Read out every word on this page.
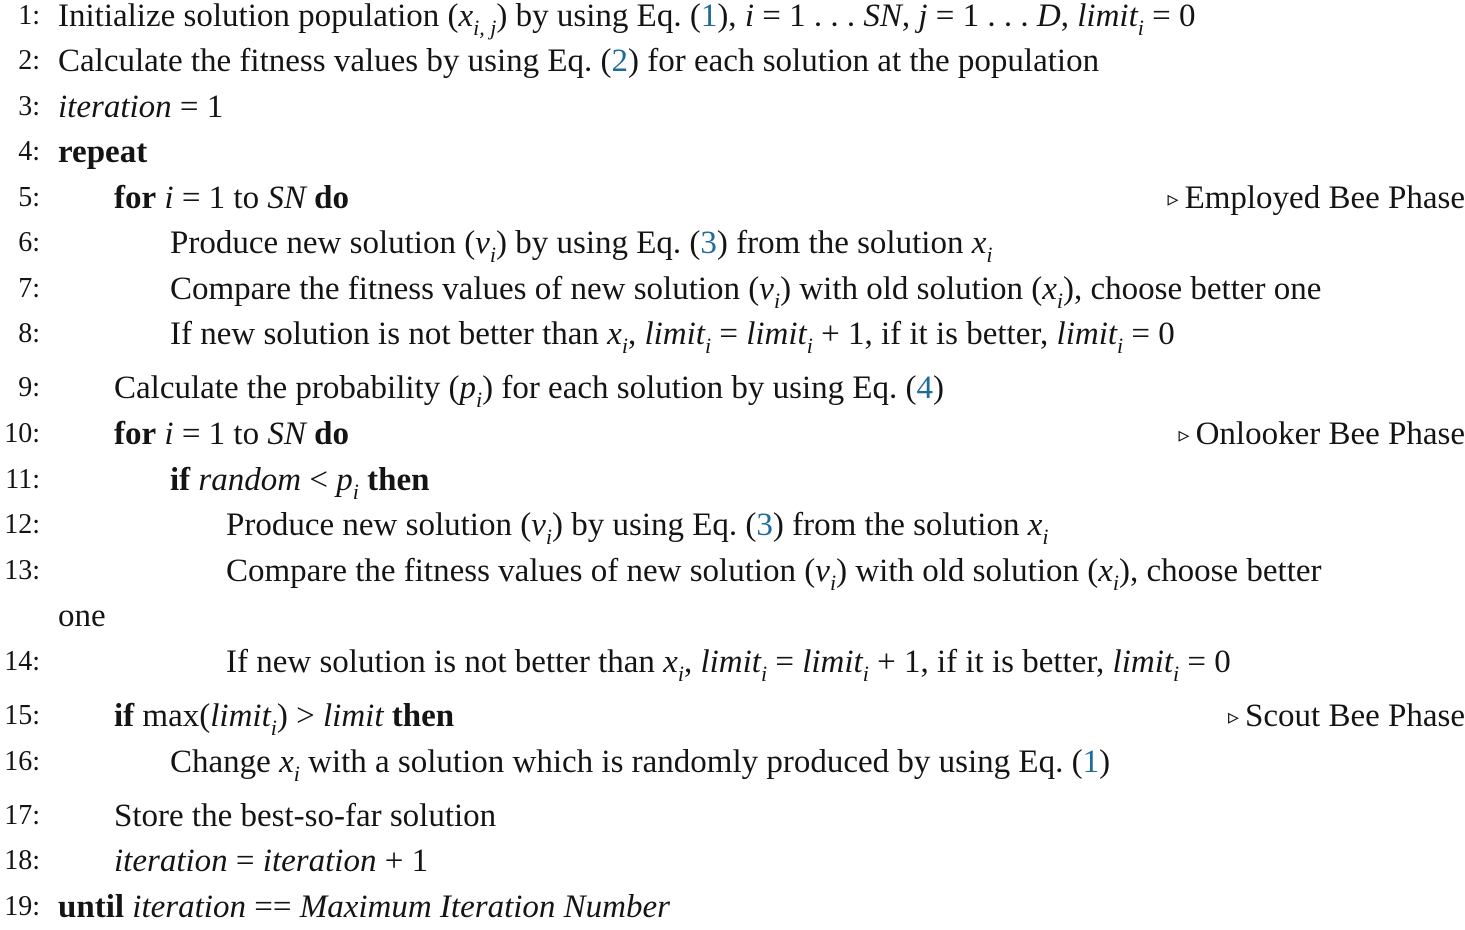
1: Initialize solution population $(x_{i, j})$ by using Eq. (1), i = 1 . . . SN, j = 1 . . . D, limit$_i$ = 0
2: Calculate the fitness values by using Eq. (2) for each solution at the population
3: iteration = 1
4: repeat
5: for i = 1 to SN do	▹ Employed Bee Phase
6:	Produce new solution $(v_i)$ by using Eq. (3) from the solution $x_i$
7:	Compare the fitness values of new solution $(v_i)$ with old solution $(x_i)$, choose better one
8:	If new solution is not better than $x_i$, limit$_i$ = limit$_i$ + 1, if it is better, limit$_i$ = 0
9: Calculate the probability $(p_i)$ for each solution by using Eq. (4)
10: for i = 1 to SN do	▹ Onlooker Bee Phase
11:	if random < $p_i$ then
12:	Produce new solution $(v_i)$ by using Eq. (3) from the solution $x_i$
13:	Compare the fitness values of new solution $(v_i)$ with old solution $(x_i)$, choose better
one
14:	If new solution is not better than $x_i$, limit$_i$ = limit$_i$ + 1, if it is better, limit$_i$ = 0
15: if max(limit$_i$) > limit then	▹ Scout Bee Phase
16:	Change $x_i$ with a solution which is randomly produced by using Eq. (1)
17: Store the best-so-far solution
18: iteration = iteration + 1
19: until iteration == Maximum Iteration Number
